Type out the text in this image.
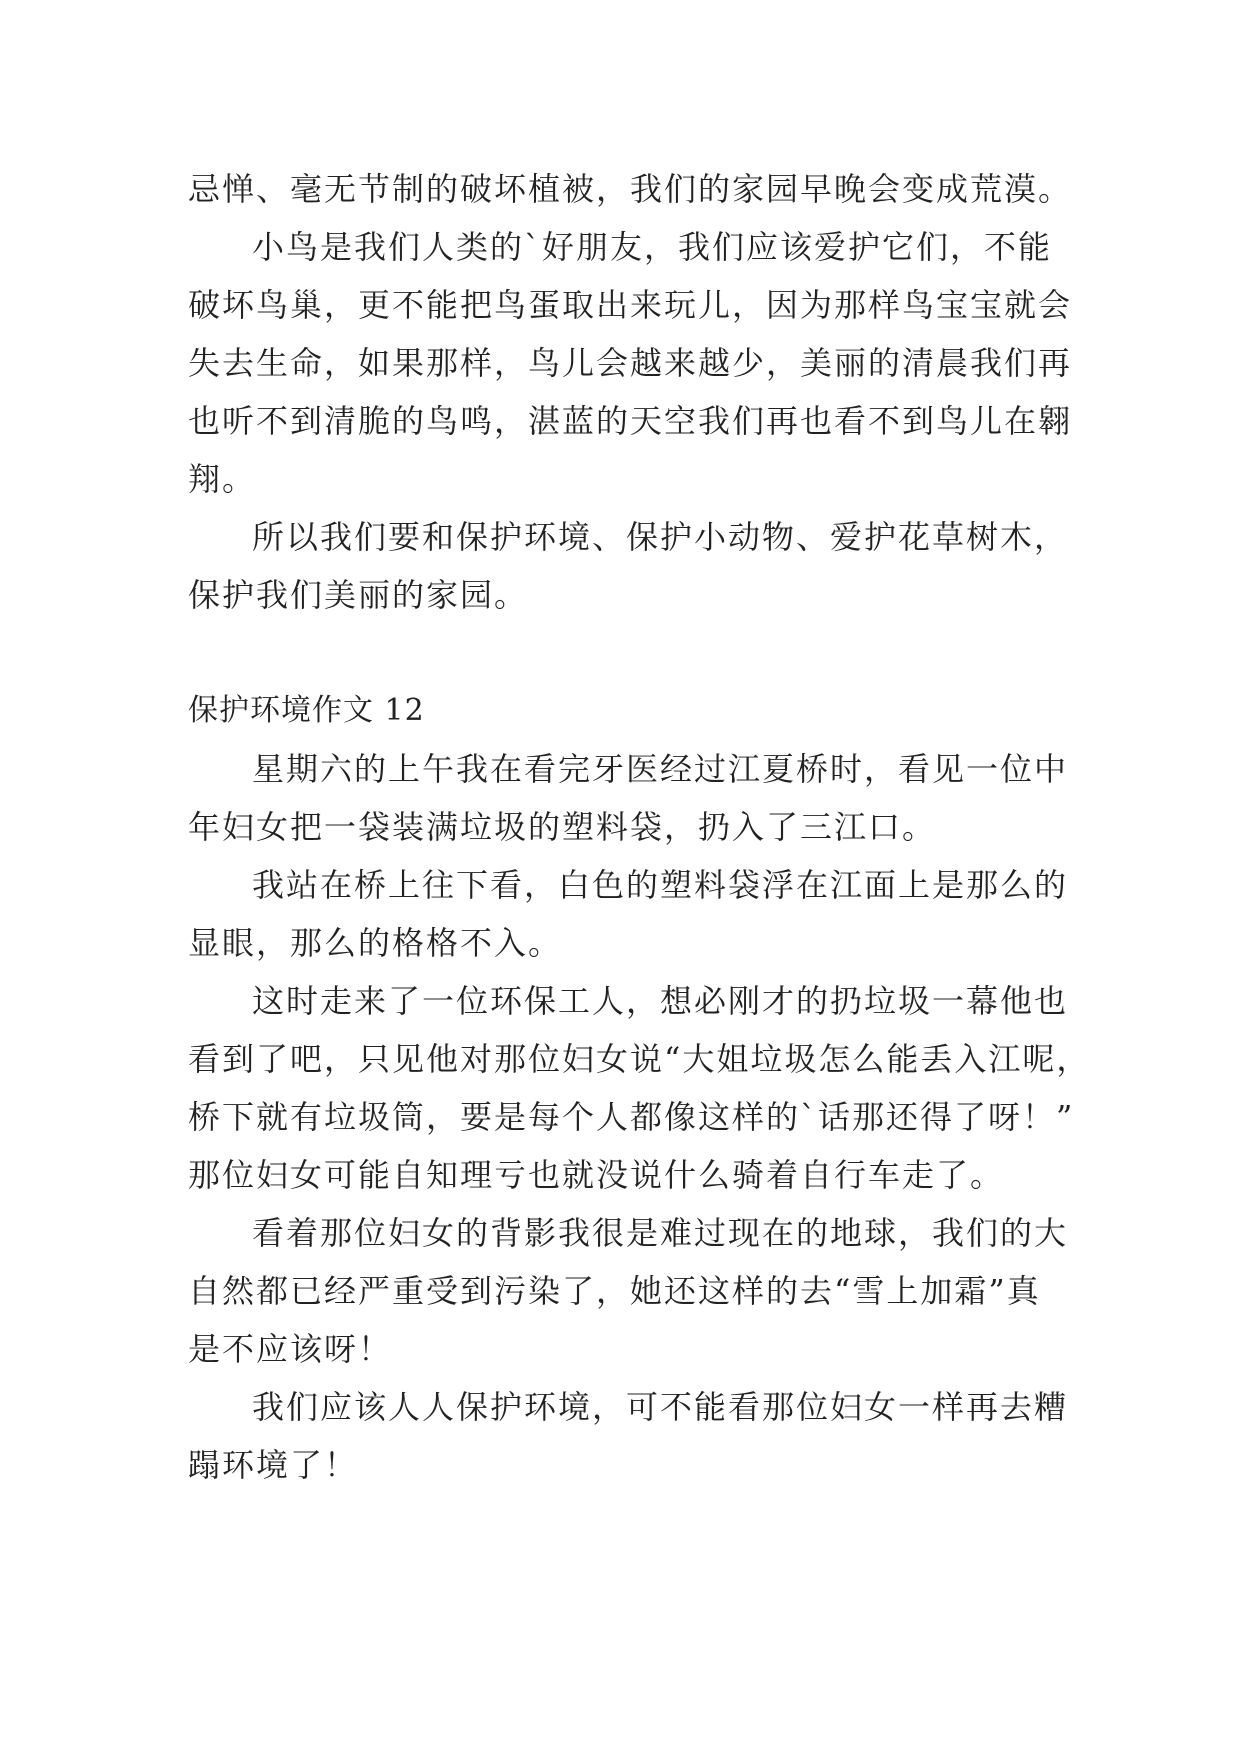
忌惮、毫无节制的破坏植被，我们的家园早晚会变成荒漠。
小鸟是我们人类的`好朋友，我们应该爱护它们，不能
破坏鸟巢，更不能把鸟蛋取出来玩儿，因为那样鸟宝宝就会
失去生命，如果那样，鸟儿会越来越少，美丽的清晨我们再
也听不到清脆的鸟鸣，湛蓝的天空我们再也看不到鸟儿在翱
翔。
所以我们要和保护环境、保护小动物、爱护花草树木，
保护我们美丽的家园。
保护环境作文 12
星期六的上午我在看完牙医经过江夏桥时，看见一位中
年妇女把一袋装满垃圾的塑料袋，扔入了三江口。
我站在桥上往下看，白色的塑料袋浮在江面上是那么的
显眼，那么的格格不入。
这时走来了一位环保工人，想必刚才的扔垃圾一幕他也
看到了吧，只见他对那位妇女说“大姐垃圾怎么能丢入江呢，
桥下就有垃圾筒，要是每个人都像这样的`话那还得了呀！”
那位妇女可能自知理亏也就没说什么骑着自行车走了。
看着那位妇女的背影我很是难过现在的地球，我们的大
自然都已经严重受到污染了，她还这样的去“雪上加霜”真
是不应该呀！
我们应该人人保护环境，可不能看那位妇女一样再去糟
蹋环境了！
